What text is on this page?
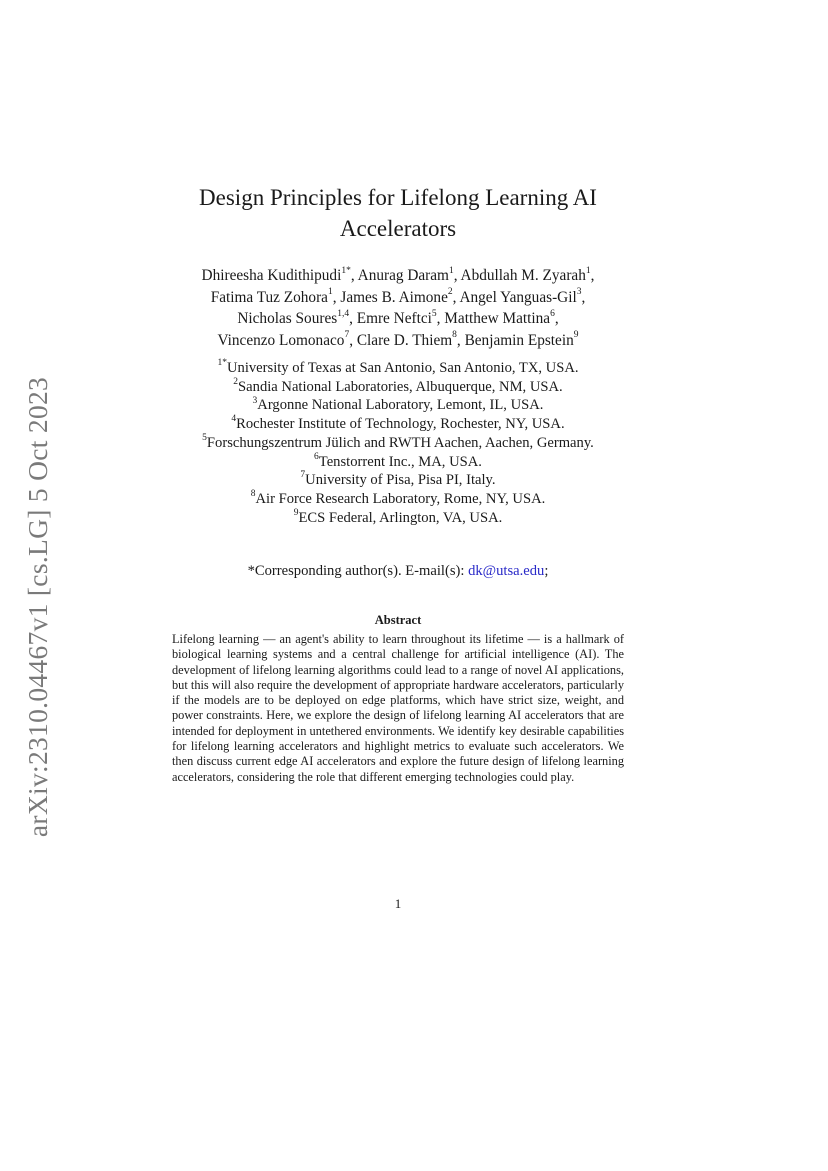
arXiv:2310.04467v1 [cs.LG] 5 Oct 2023
Design Principles for Lifelong Learning AI
Accelerators
Dhireesha Kudithipudi$^{1*}$, Anurag Daram$^1$, Abdullah M. Zyarah$^1$,
Fatima Tuz Zohora$^1$, James B. Aimone$^2$, Angel Yanguas-Gil$^3$,
Nicholas Soures$^{1,4}$, Emre Neftci$^5$, Matthew Mattina$^6$,
Vincenzo Lomonaco$^7$, Clare D. Thiem$^8$, Benjamin Epstein$^9$
$^{1*}$University of Texas at San Antonio, San Antonio, TX, USA.
$^2$Sandia National Laboratories, Albuquerque, NM, USA.
$^3$Argonne National Laboratory, Lemont, IL, USA.
$^4$Rochester Institute of Technology, Rochester, NY, USA.
$^5$Forschungszentrum Jülich and RWTH Aachen, Aachen, Germany.
$^6$Tenstorrent Inc., MA, USA.
$^7$University of Pisa, Pisa PI, Italy.
$^8$Air Force Research Laboratory, Rome, NY, USA.
$^9$ECS Federal, Arlington, VA, USA.
*Corresponding author(s). E-mail(s): dk@utsa.edu;
Abstract

Lifelong learning — an agent's ability to learn throughout its lifetime — is a hallmark of biological learning systems and a central challenge for artificial intelligence (AI). The development of lifelong learning algorithms could lead to a range of novel AI applications, but this will also require the development of appropriate hardware accelerators, particularly if the models are to be deployed on edge platforms, which have strict size, weight, and power constraints. Here, we explore the design of lifelong learning AI accelerators that are intended for deployment in untethered environments. We identify key desirable capabilities for lifelong learning accelerators and highlight metrics to evaluate such accelerators. We then discuss current edge AI accelerators and explore the future design of lifelong learning accelerators, considering the role that different emerging technologies could play.

1
